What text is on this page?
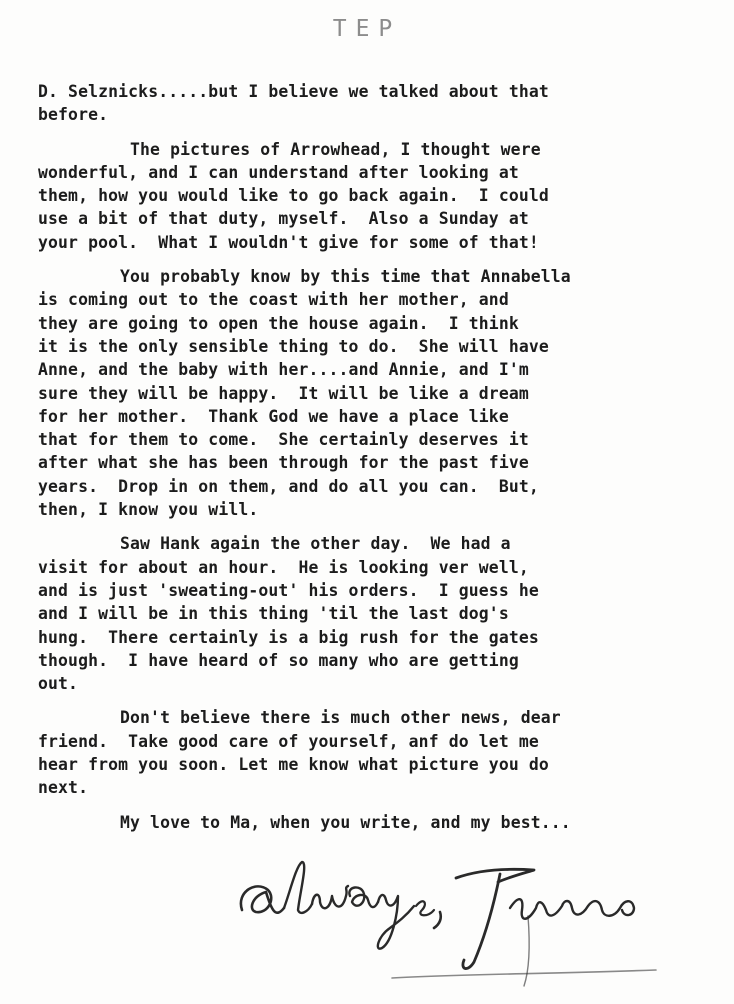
TEP
D. Selznicks.....but I believe we talked about that
before.
The pictures of Arrowhead, I thought were
wonderful, and I can understand after looking at
them, how you would like to go back again.  I could
use a bit of that duty, myself.  Also a Sunday at
your pool.  What I wouldn't give for some of that!
You probably know by this time that Annabella
is coming out to the coast with her mother, and
they are going to open the house again.  I think
it is the only sensible thing to do.  She will have
Anne, and the baby with her....and Annie, and I'm
sure they will be happy.  It will be like a dream
for her mother.  Thank God we have a place like
that for them to come.  She certainly deserves it
after what she has been through for the past five
years.  Drop in on them, and do all you can.  But,
then, I know you will.
Saw Hank again the other day.  We had a
visit for about an hour.  He is looking ver well,
and is just 'sweating-out' his orders.  I guess he
and I will be in this thing 'til the last dog's
hung.  There certainly is a big rush for the gates
though.  I have heard of so many who are getting
out.
Don't believe there is much other news, dear
friend.  Take good care of yourself, anf do let me
hear from you soon. Let me know what picture you do
next.
My love to Ma, when you write, and my best...
